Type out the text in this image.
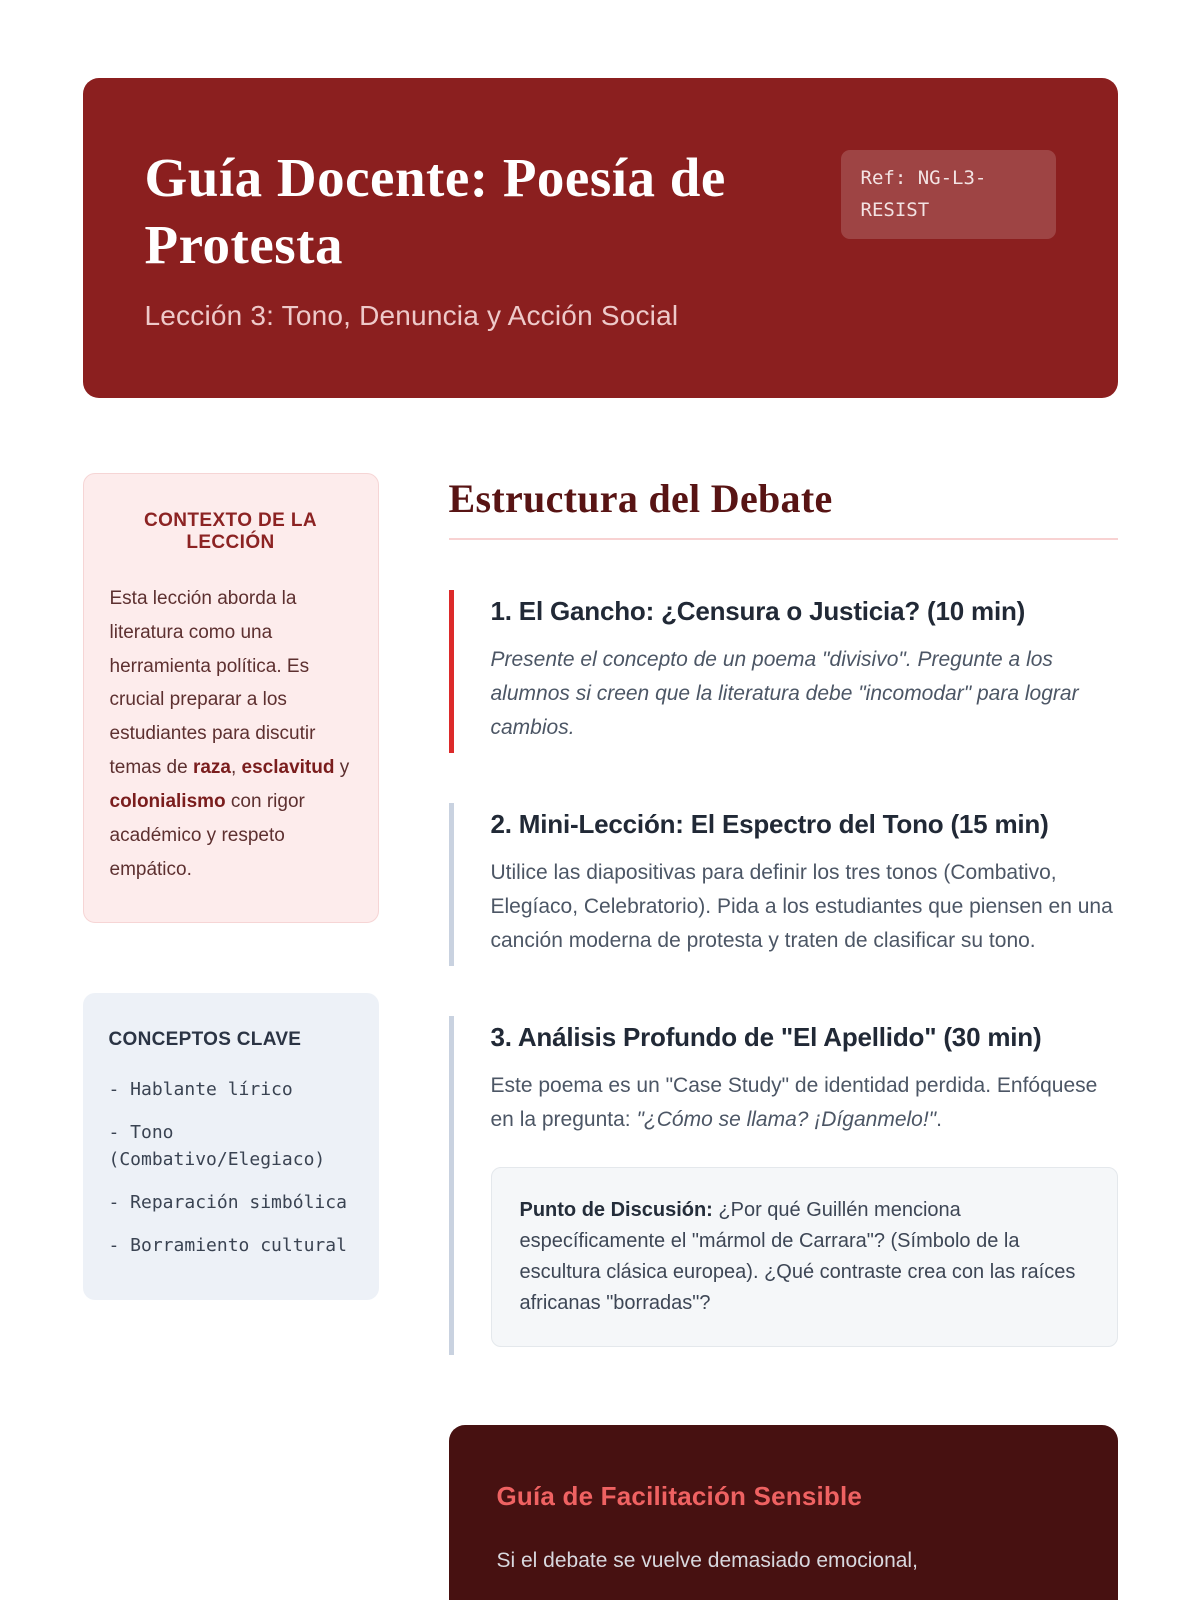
Guía Docente: Poesía de Protesta
Ref: NG-L3-RESIST

Lección 3: Tono, Denuncia y Acción Social

CONTEXTO DE LA LECCIÓN

Esta lección aborda la literatura como una herramienta política. Es crucial preparar a los estudiantes para discutir temas de raza, esclavitud y colonialismo con rigor académico y respeto empático.

CONCEPTOS CLAVE
- Hablante lírico
- Tono (Combativo/Elegiaco)
- Reparación simbólica
- Borramiento cultural
Estructura del Debate
1. El Gancho: ¿Censura o Justicia? (10 min)

Presente el concepto de un poema "divisivo". Pregunte a los alumnos si creen que la literatura debe "incomodar" para lograr cambios.

2. Mini-Lección: El Espectro del Tono (15 min)

Utilice las diapositivas para definir los tres tonos (Combativo, Elegíaco, Celebratorio). Pida a los estudiantes que piensen en una canción moderna de protesta y traten de clasificar su tono.

3. Análisis Profundo de "El Apellido" (30 min)

Este poema es un "Case Study" de identidad perdida. Enfóquese en la pregunta: "¿Cómo se llama? ¡Díganmelo!".

Punto de Discusión: ¿Por qué Guillén menciona específicamente el "mármol de Carrara"? (Símbolo de la escultura clásica europea). ¿Qué contraste crea con las raíces africanas "borradas"?
Guía de Facilitación Sensible

Si el debate se vuelve demasiado emocional,
